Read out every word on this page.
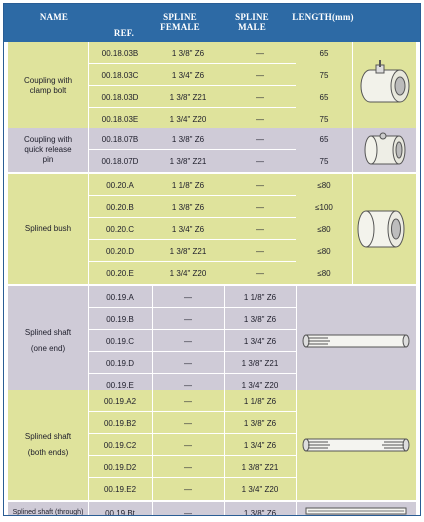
NAME
REF.
SPLINE
FEMALE
SPLINE
MALE
LENGTH(mm)
Coupling with
clamp bolt
00.18.03B	1 3/8" Z6	—	65
00.18.03C	1 3/4" Z6	—	75
00.18.03D	1 3/8" Z21	—	65
00.18.03E	1 3/4" Z20	—	75
Coupling with
quick release
pin
00.18.07B	1 3/8" Z6	—	65
00.18.07D	1 3/8" Z21	—	75
Splined bush
00.20.A	1 1/8" Z6	—	≤80
00.20.B	1 3/8" Z6	—	≤100
00.20.C	1 3/4" Z6	—	≤80
00.20.D	1 3/8" Z21	—	≤80
00.20.E	1 3/4" Z20	—	≤80
Splined shaft
(one end)
00.19.A	—	1 1/8" Z6
00.19.B	—	1 3/8" Z6
00.19.C	—	1 3/4" Z6
00.19.D	—	1 3/8" Z21
00.19.E	—	1 3/4" Z20
Splined shaft
(both ends)
00.19.A2	—	1 1/8" Z6
00.19.B2	—	1 3/8" Z6
00.19.C2	—	1 3/4" Z6
00.19.D2	—	1 3/8" Z21
00.19.E2	—	1 3/4" Z20
Splined shaft (through)	00.19.Bt	—	1 3/8" Z6
